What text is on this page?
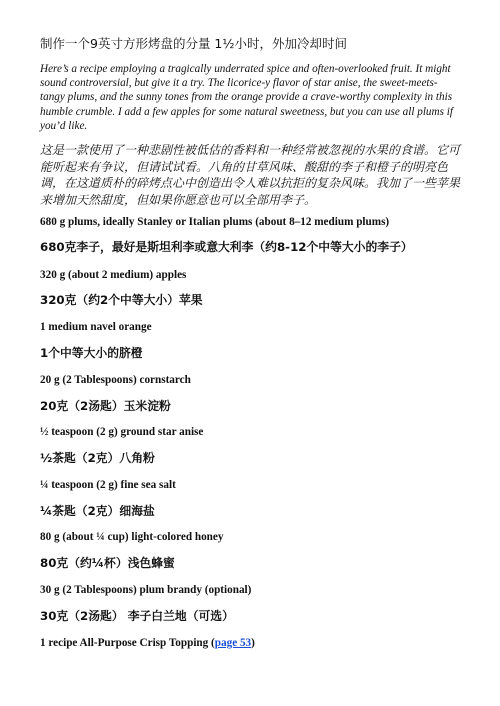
制作一个9英寸方形烤盘的分量 1½小时，外加冷却时间
Here’s a recipe employing a tragically underrated spice and often-overlooked fruit. It might sound controversial, but give it a try. The licorice-y flavor of star anise, the sweet-meets-tangy plums, and the sunny tones from the orange provide a crave-worthy complexity in this humble crumble. I add a few apples for some natural sweetness, but you can use all plums if you’d like.
这是一款使用了一种悲剧性被低估的香料和一种经常被忽视的水果的食谱。它可能听起来有争议，但请试试看。八角的甘草风味、酸甜的李子和橙子的明亮色调，在这道质朴的碎烤点心中创造出令人难以抗拒的复杂风味。我加了一些苹果来增加天然甜度，但如果你愿意也可以全部用李子。
680 g plums, ideally Stanley or Italian plums (about 8–12 medium plums)
680克李子，最好是斯坦利李或意大利李（约8-12个中等大小的李子）
320 g (about 2 medium) apples
320克（约2个中等大小）苹果
1 medium navel orange
1个中等大小的脐橙
20 g (2 Tablespoons) cornstarch
20克（2汤匙）玉米淀粉
½ teaspoon (2 g) ground star anise
½茶匙（2克）八角粉
¼ teaspoon (2 g) fine sea salt
¼茶匙（2克）细海盐
80 g (about ¼ cup) light-colored honey
80克（约¼杯）浅色蜂蜜
30 g (2 Tablespoons) plum brandy (optional)
30克（2汤匙） 李子白兰地（可选）
1 recipe All-Purpose Crisp Topping (page 53)
